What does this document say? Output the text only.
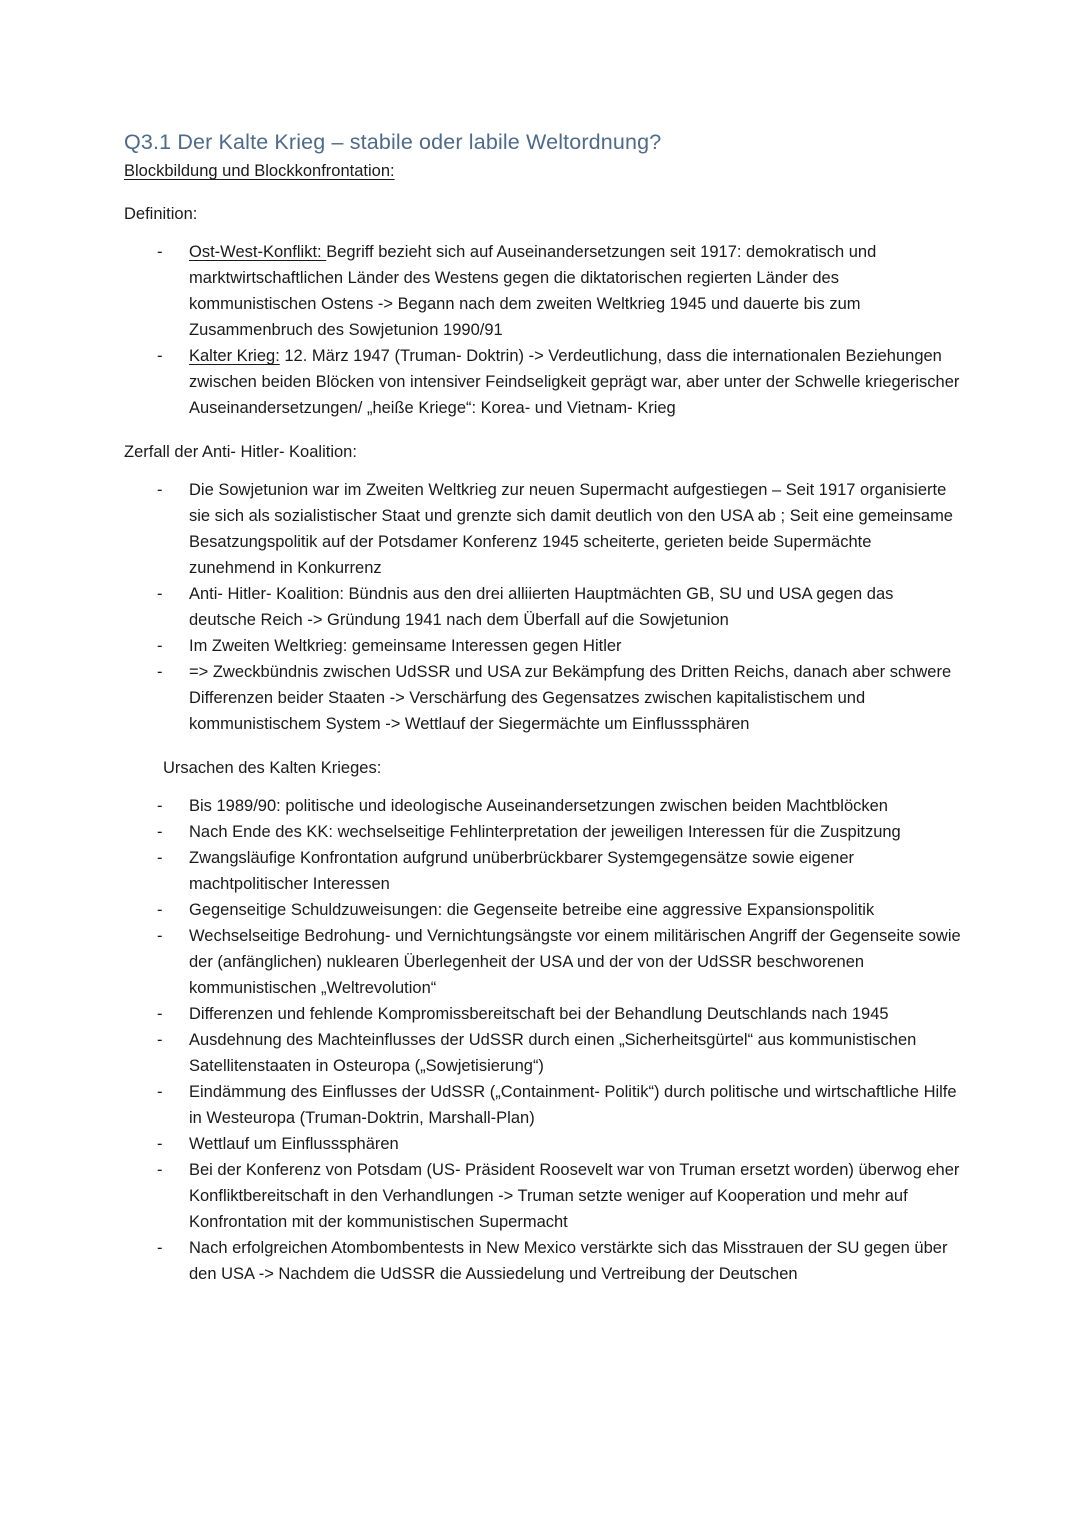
Q3.1 Der Kalte Krieg – stabile oder labile Weltordnung?

Blockbildung und Blockkonfrontation:

Definition:

- Ost-West-Konflikt: Begriff bezieht sich auf Auseinandersetzungen seit 1917: demokratisch und marktwirtschaftlichen Länder des Westens gegen die diktatorischen regierten Länder des kommunistischen Ostens -> Begann nach dem zweiten Weltkrieg 1945 und dauerte bis zum Zusammenbruch des Sowjetunion 1990/91
- Kalter Krieg: 12. März 1947 (Truman- Doktrin) -> Verdeutlichung, dass die internationalen Beziehungen zwischen beiden Blöcken von intensiver Feindseligkeit geprägt war, aber unter der Schwelle kriegerischer Auseinandersetzungen/ „heiße Kriege“: Korea- und Vietnam- Krieg

Zerfall der Anti- Hitler- Koalition:

- Die Sowjetunion war im Zweiten Weltkrieg zur neuen Supermacht aufgestiegen – Seit 1917 organisierte sie sich als sozialistischer Staat und grenzte sich damit deutlich von den USA ab ; Seit eine gemeinsame Besatzungspolitik auf der Potsdamer Konferenz 1945 scheiterte, gerieten beide Supermächte zunehmend in Konkurrenz
- Anti- Hitler- Koalition: Bündnis aus den drei alliierten Hauptmächten GB, SU und USA gegen das deutsche Reich -> Gründung 1941 nach dem Überfall auf die Sowjetunion
- Im Zweiten Weltkrieg: gemeinsame Interessen gegen Hitler
- => Zweckbündnis zwischen UdSSR und USA zur Bekämpfung des Dritten Reichs, danach aber schwere Differenzen beider Staaten -> Verschärfung des Gegensatzes zwischen kapitalistischem und kommunistischem System -> Wettlauf der Siegermächte um Einflusssphären

Ursachen des Kalten Krieges:

- Bis 1989/90: politische und ideologische Auseinandersetzungen zwischen beiden Machtblöcken
- Nach Ende des KK: wechselseitige Fehlinterpretation der jeweiligen Interessen für die Zuspitzung
- Zwangsläufige Konfrontation aufgrund unüberbrückbarer Systemgegensätze sowie eigener machtpolitischer Interessen
- Gegenseitige Schuldzuweisungen: die Gegenseite betreibe eine aggressive Expansionspolitik
- Wechselseitige Bedrohung- und Vernichtungsängste vor einem militärischen Angriff der Gegenseite sowie der (anfänglichen) nuklearen Überlegenheit der USA und der von der UdSSR beschworenen kommunistischen „Weltrevolution“
- Differenzen und fehlende Kompromissbereitschaft bei der Behandlung Deutschlands nach 1945
- Ausdehnung des Machteinflusses der UdSSR durch einen „Sicherheitsgürtel“ aus kommunistischen Satellitenstaaten in Osteuropa („Sowjetisierung“)
- Eindämmung des Einflusses der UdSSR („Containment- Politik“) durch politische und wirtschaftliche Hilfe in Westeuropa (Truman-Doktrin, Marshall-Plan)
- Wettlauf um Einflusssphären
- Bei der Konferenz von Potsdam (US- Präsident Roosevelt war von Truman ersetzt worden) überwog eher Konfliktbereitschaft in den Verhandlungen -> Truman setzte weniger auf Kooperation und mehr auf Konfrontation mit der kommunistischen Supermacht
- Nach erfolgreichen Atombombentests in New Mexico verstärkte sich das Misstrauen der SU gegen über den USA -> Nachdem die UdSSR die Aussiedelung und Vertreibung der Deutschen
